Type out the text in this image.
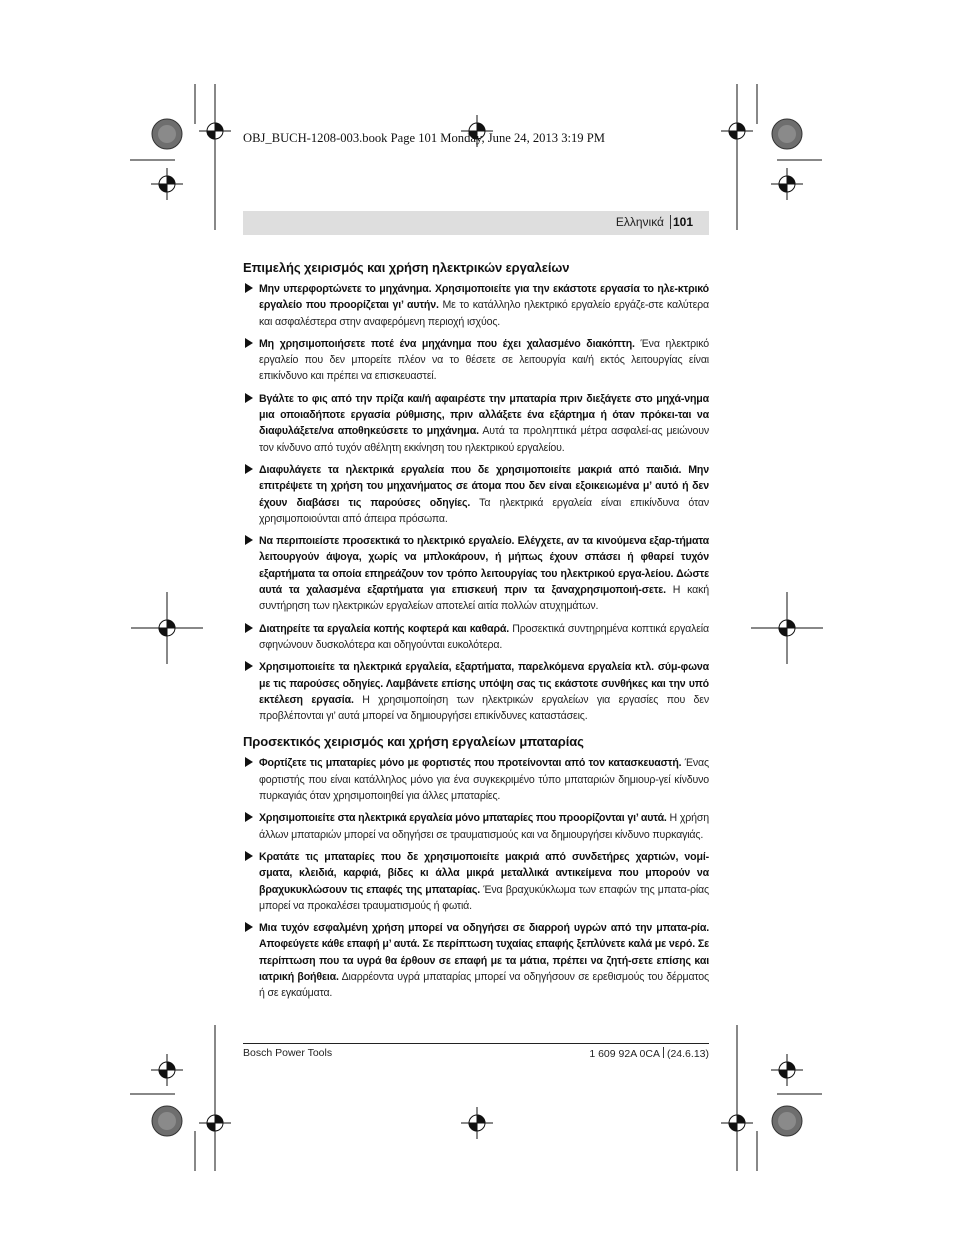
OBJ_BUCH-1208-003.book Page 101 Monday, June 24, 2013 3:19 PM
Ελληνικά 101
Επιμελής χειρισμός και χρήση ηλεκτρικών εργαλείων
Μην υπερφορτώνετε το μηχάνημα. Χρησιμοποιείτε για την εκάστοτε εργασία το ηλε-κτρικό εργαλείο που προορίζεται γι’ αυτήν. Με το κατάλληλο ηλεκτρικό εργαλείο εργάζε-στε καλύτερα και ασφαλέστερα στην αναφερόμενη περιοχή ισχύος.
Μη χρησιμοποιήσετε ποτέ ένα μηχάνημα που έχει χαλασμένο διακόπτη. Ένα ηλεκτρικό εργαλείο που δεν μπορείτε πλέον να το θέσετε σε λειτουργία και/ή εκτός λειτουργίας είναι επικίνδυνο και πρέπει να επισκευαστεί.
Βγάλτε το φις από την πρίζα και/ή αφαιρέστε την μπαταρία πριν διεξάγετε στο μηχά-νημα μια οποιαδήποτε εργασία ρύθμισης, πριν αλλάξετε ένα εξάρτημα ή όταν πρόκει-ται να διαφυλάξετε/να αποθηκεύσετε το μηχάνημα. Αυτά τα προληπτικά μέτρα ασφαλεί-ας μειώνουν τον κίνδυνο από τυχόν αθέλητη εκκίνηση του ηλεκτρικού εργαλείου.
Διαφυλάγετε τα ηλεκτρικά εργαλεία που δε χρησιμοποιείτε μακριά από παιδιά. Μην επιτρέψετε τη χρήση του μηχανήματος σε άτομα που δεν είναι εξοικειωμένα μ’ αυτό ή δεν έχουν διαβάσει τις παρούσες οδηγίες. Τα ηλεκτρικά εργαλεία είναι επικίνδυνα όταν χρησιμοποιούνται από άπειρα πρόσωπα.
Να περιποιείστε προσεκτικά το ηλεκτρικό εργαλείο. Ελέγχετε, αν τα κινούμενα εξαρ-τήματα λειτουργούν άψογα, χωρίς να μπλοκάρουν, ή μήπως έχουν σπάσει ή φθαρεί τυχόν εξαρτήματα τα οποία επηρεάζουν τον τρόπο λειτουργίας του ηλεκτρικού εργα-λείου. Δώστε αυτά τα χαλασμένα εξαρτήματα για επισκευή πριν τα ξαναχρησιμοποιή-σετε. Η κακή συντήρηση των ηλεκτρικών εργαλείων αποτελεί αιτία πολλών ατυχημάτων.
Διατηρείτε τα εργαλεία κοπής κοφτερά και καθαρά. Προσεκτικά συντηρημένα κοπτικά εργαλεία σφηνώνουν δυσκολότερα και οδηγούνται ευκολότερα.
Χρησιμοποιείτε τα ηλεκτρικά εργαλεία, εξαρτήματα, παρελκόμενα εργαλεία κτλ. σύμ-φωνα με τις παρούσες οδηγίες. Λαμβάνετε επίσης υπόψη σας τις εκάστοτε συνθήκες και την υπό εκτέλεση εργασία. Η χρησιμοποίηση των ηλεκτρικών εργαλείων για εργασίες που δεν προβλέπονται γι’ αυτά μπορεί να δημιουργήσει επικίνδυνες καταστάσεις.
Προσεκτικός χειρισμός και χρήση εργαλείων μπαταρίας
Φορτίζετε τις μπαταρίες μόνο με φορτιστές που προτείνονται από τον κατασκευαστή. Ένας φορτιστής που είναι κατάλληλος μόνο για ένα συγκεκριμένο τύπο μπαταριών δημιουρ-γεί κίνδυνο πυρκαγιάς όταν χρησιμοποιηθεί για άλλες μπαταρίες.
Χρησιμοποιείτε στα ηλεκτρικά εργαλεία μόνο μπαταρίες που προορίζονται γι’ αυτά. Η χρήση άλλων μπαταριών μπορεί να οδηγήσει σε τραυματισμούς και να δημιουργήσει κίνδυνο πυρκαγιάς.
Κρατάτε τις μπαταρίες που δε χρησιμοποιείτε μακριά από συνδετήρες χαρτιών, νομί-σματα, κλειδιά, καρφιά, βίδες κι άλλα μικρά μεταλλικά αντικείμενα που μπορούν να βραχυκυκλώσουν τις επαφές της μπαταρίας. Ένα βραχυκύκλωμα των επαφών της μπατα-ρίας μπορεί να προκαλέσει τραυματισμούς ή φωτιά.
Μια τυχόν εσφαλμένη χρήση μπορεί να οδηγήσει σε διαρροή υγρών από την μπατα-ρία. Αποφεύγετε κάθε επαφή μ’ αυτά. Σε περίπτωση τυχαίας επαφής ξεπλύνετε καλά με νερό. Σε περίπτωση που τα υγρά θα έρθουν σε επαφή με τα μάτια, πρέπει να ζητή-σετε επίσης και ιατρική βοήθεια. Διαρρέοντα υγρά μπαταρίας μπορεί να οδηγήσουν σε ερεθισμούς του δέρματος ή σε εγκαύματα.
Bosch Power Tools	1 609 92A 0CA (24.6.13)
